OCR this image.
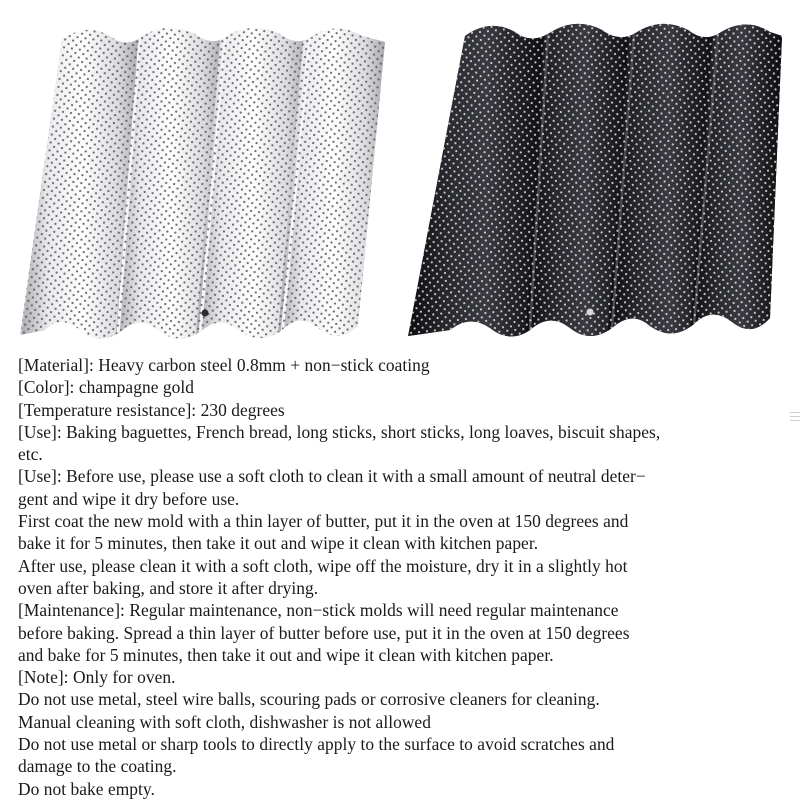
[Material]: Heavy carbon steel 0.8mm + non−stick coating
[Color]: champagne gold
[Temperature resistance]: 230 degrees
[Use]: Baking baguettes, French bread, long sticks, short sticks, long loaves, biscuit shapes,
etc.
[Use]: Before use, please use a soft cloth to clean it with a small amount of neutral deter−
gent and wipe it dry before use.
First coat the new mold with a thin layer of butter, put it in the oven at 150 degrees and
bake it for 5 minutes, then take it out and wipe it clean with kitchen paper.
After use, please clean it with a soft cloth, wipe off the moisture, dry it in a slightly hot
oven after baking, and store it after drying.
[Maintenance]: Regular maintenance, non−stick molds will need regular maintenance
before baking. Spread a thin layer of butter before use, put it in the oven at 150 degrees
and bake for 5 minutes, then take it out and wipe it clean with kitchen paper.
[Note]: Only for oven.
Do not use metal, steel wire balls, scouring pads or corrosive cleaners for cleaning.
Manual cleaning with soft cloth, dishwasher is not allowed
Do not use metal or sharp tools to directly apply to the surface to avoid scratches and
damage to the coating.
Do not bake empty.
